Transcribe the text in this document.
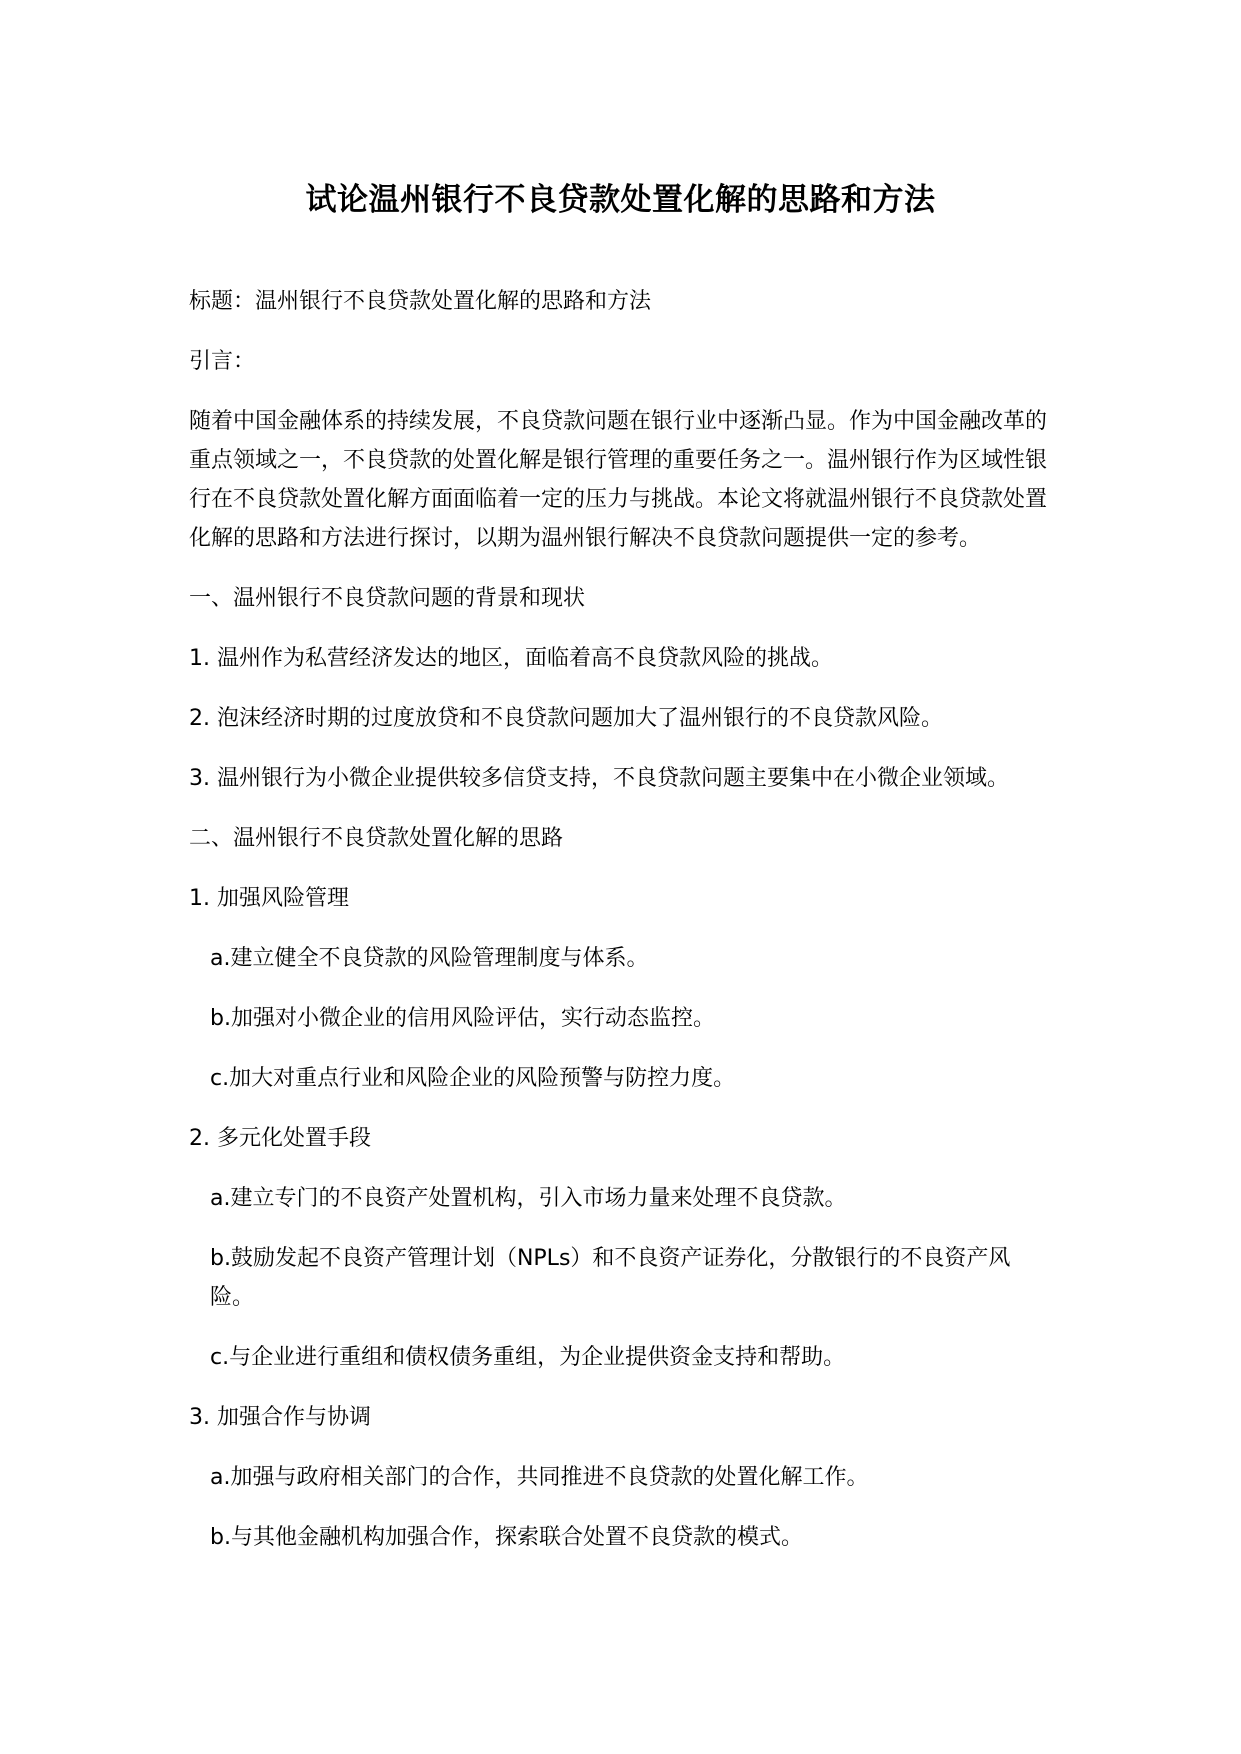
试论温州银行不良贷款处置化解的思路和方法

标题：温州银行不良贷款处置化解的思路和方法

引言：

随着中国金融体系的持续发展，不良贷款问题在银行业中逐渐凸显。作为中国金融改革的重点领域之一，不良贷款的处置化解是银行管理的重要任务之一。温州银行作为区域性银行在不良贷款处置化解方面面临着一定的压力与挑战。本论文将就温州银行不良贷款处置化解的思路和方法进行探讨，以期为温州银行解决不良贷款问题提供一定的参考。

一、温州银行不良贷款问题的背景和现状

1. 温州作为私营经济发达的地区，面临着高不良贷款风险的挑战。

2. 泡沫经济时期的过度放贷和不良贷款问题加大了温州银行的不良贷款风险。

3. 温州银行为小微企业提供较多信贷支持，不良贷款问题主要集中在小微企业领域。

二、温州银行不良贷款处置化解的思路

1. 加强风险管理

a.建立健全不良贷款的风险管理制度与体系。

b.加强对小微企业的信用风险评估，实行动态监控。

c.加大对重点行业和风险企业的风险预警与防控力度。

2. 多元化处置手段

a.建立专门的不良资产处置机构，引入市场力量来处理不良贷款。

b.鼓励发起不良资产管理计划（NPLs）和不良资产证券化，分散银行的不良资产风险。

c.与企业进行重组和债权债务重组，为企业提供资金支持和帮助。

3. 加强合作与协调

a.加强与政府相关部门的合作，共同推进不良贷款的处置化解工作。

b.与其他金融机构加强合作，探索联合处置不良贷款的模式。
